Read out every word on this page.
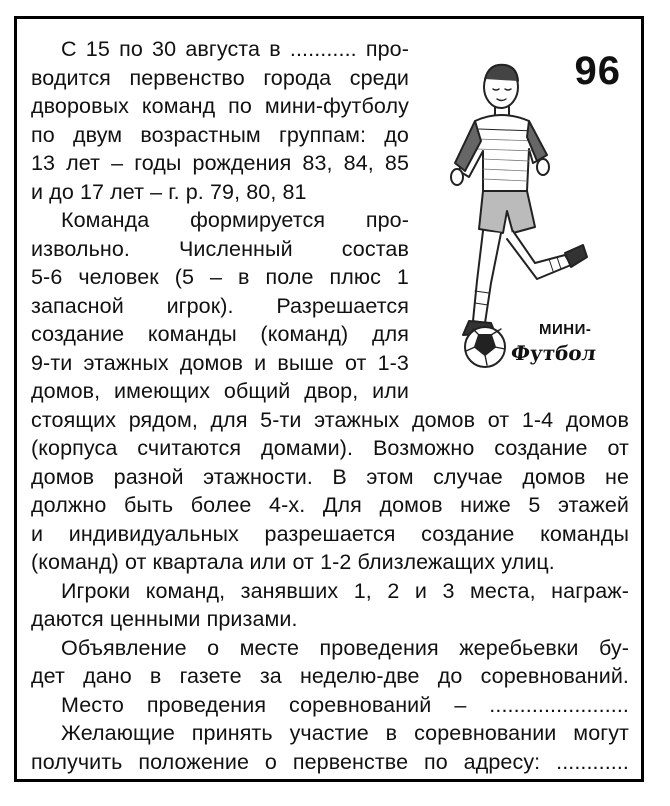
96
МИНИ-
Футбол
С 15 по 30 августа в ........... про-
водится первенство города среди
дворовых команд по мини-футболу
по двум возрастным группам: до
13 лет – годы рождения 83, 84, 85
и до 17 лет – г. р. 79, 80, 81
Команда формируется про-
извольно. Численный состав
5-6 человек (5 – в поле плюс 1
запасной игрок). Разрешается
создание команды (команд) для
9-ти этажных домов и выше от 1-3
домов, имеющих общий двор, или
стоящих рядом, для 5-ти этажных домов от 1-4 домов
(корпуса считаются домами). Возможно создание от
домов разной этажности. В этом случае домов не
должно быть более 4-х. Для домов ниже 5 этажей
и индивидуальных разрешается создание команды
(команд) от квартала или от 1-2 близлежащих улиц.
Игроки команд, занявших 1, 2 и 3 места, награж-
даются ценными призами.
Объявление о месте проведения жеребьевки бу-
дет дано в газете за неделю-две до соревнований.
Место проведения соревнований – .......................
Желающие принять участие в соревновании могут
получить положение о первенстве по адресу: ............
